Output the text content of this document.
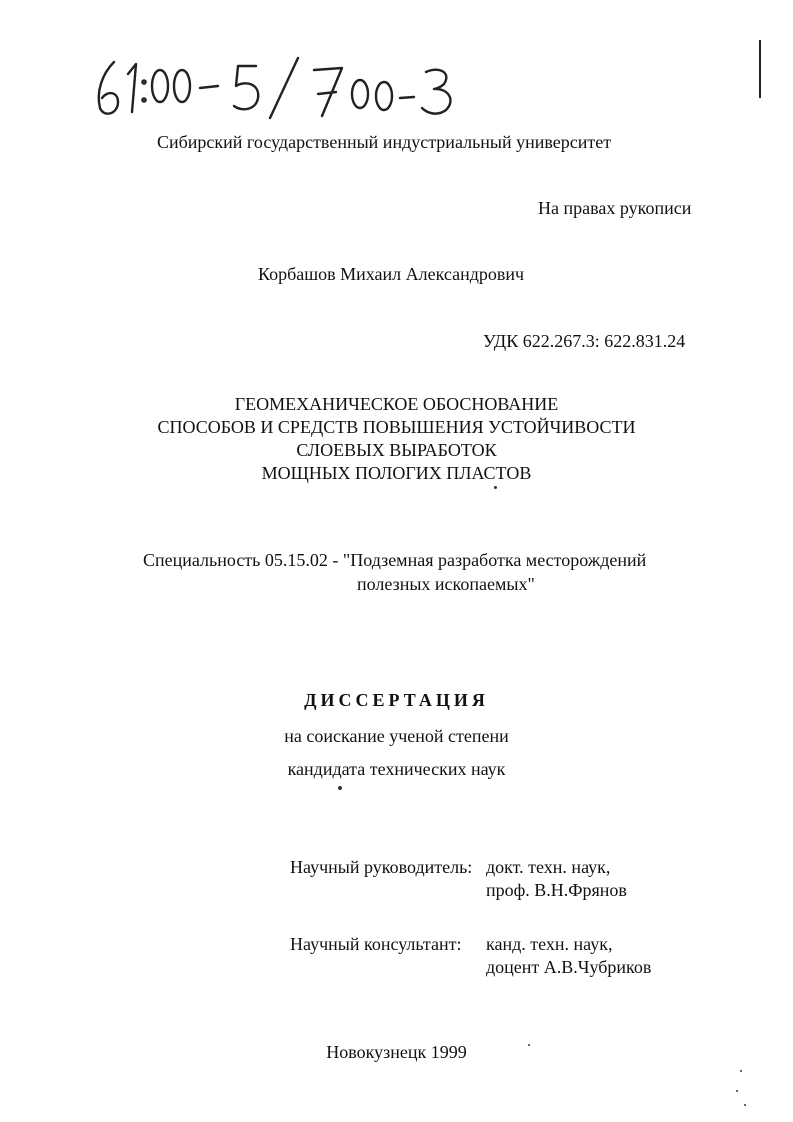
Сибирский государственный индустриальный университет
На правах рукописи
Корбашов Михаил Александрович
УДК 622.267.3: 622.831.24
ГЕОМЕХАНИЧЕСКОЕ ОБОСНОВАНИЕ
СПОСОБОВ И СРЕДСТВ ПОВЫШЕНИЯ УСТОЙЧИВОСТИ
СЛОЕВЫХ ВЫРАБОТОК
МОЩНЫХ ПОЛОГИХ ПЛАСТОВ
Специальность 05.15.02 - "Подземная разработка месторождений
полезных ископаемых"
ДИССЕРТАЦИЯ
на соискание ученой степени
кандидата технических наук
Научный руководитель: докт. техн. наук,
проф. В.Н.Фрянов
Научный консультант: канд. техн. наук,
доцент А.В.Чубриков
Новокузнецк 1999
